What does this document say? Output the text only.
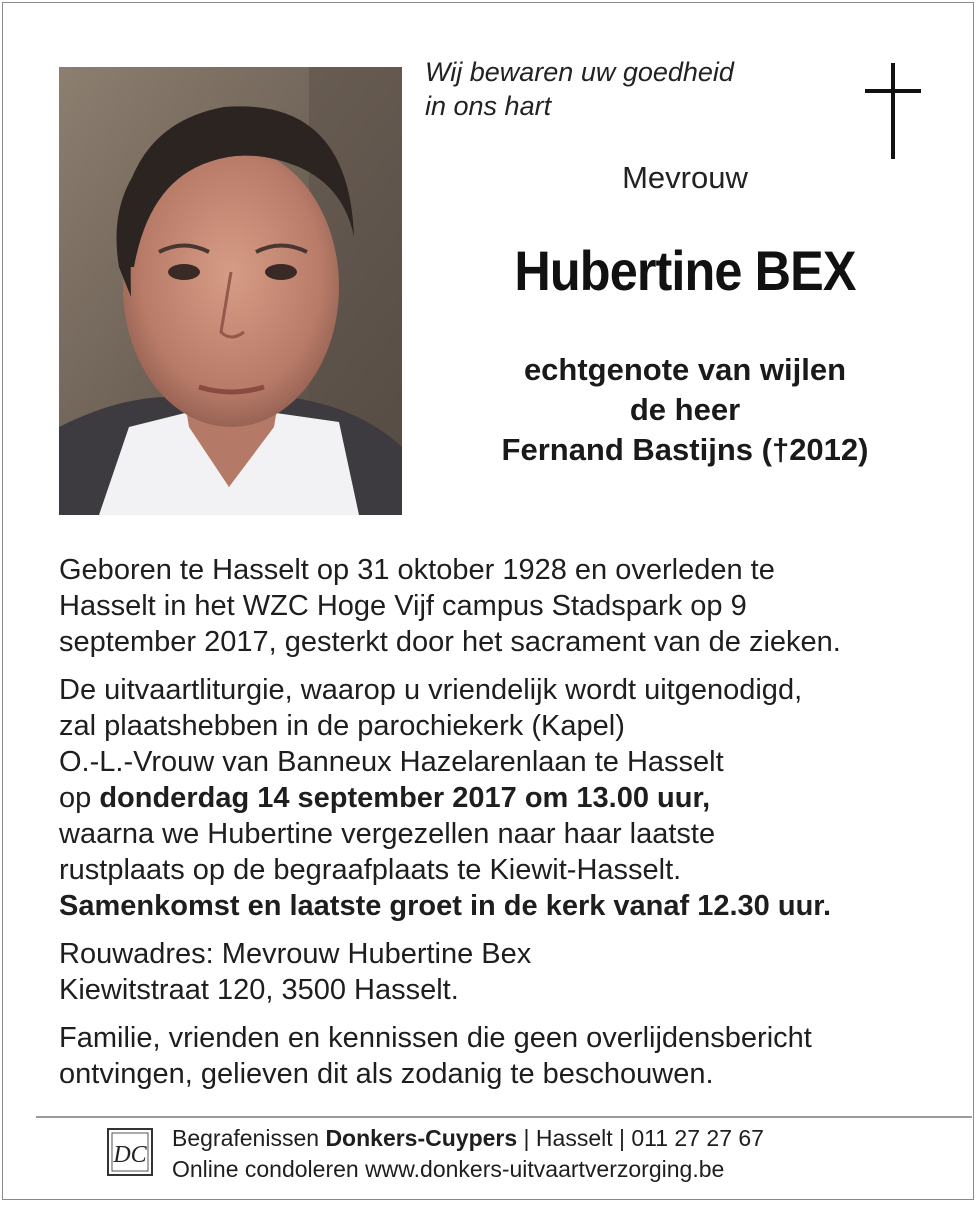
Wij bewaren uw goedheid
in ons hart
Mevrouw
Hubertine BEX
echtgenote van wijlen
de heer
Fernand Bastijns (†2012)
Geboren te Hasselt op 31 oktober 1928 en overleden te
Hasselt in het WZC Hoge Vijf campus Stadspark op 9
september 2017, gesterkt door het sacrament van de zieken.
De uitvaartliturgie, waarop u vriendelijk wordt uitgenodigd,
zal plaatshebben in de parochiekerk (Kapel)
O.-L.-Vrouw van Banneux Hazelarenlaan te Hasselt
op donderdag 14 september 2017 om 13.00 uur,
waarna we Hubertine vergezellen naar haar laatste
rustplaats op de begraafplaats te Kiewit-Hasselt.
Samenkomst en laatste groet in de kerk vanaf 12.30 uur.
Rouwadres: Mevrouw Hubertine Bex
Kiewitstraat 120, 3500 Hasselt.
Familie, vrienden en kennissen die geen overlijdensbericht
ontvingen, gelieven dit als zodanig te beschouwen.
DC
Begrafenissen Donkers-Cuypers | Hasselt | 011 27 27 67
Online condoleren www.donkers-uitvaartverzorging.be
